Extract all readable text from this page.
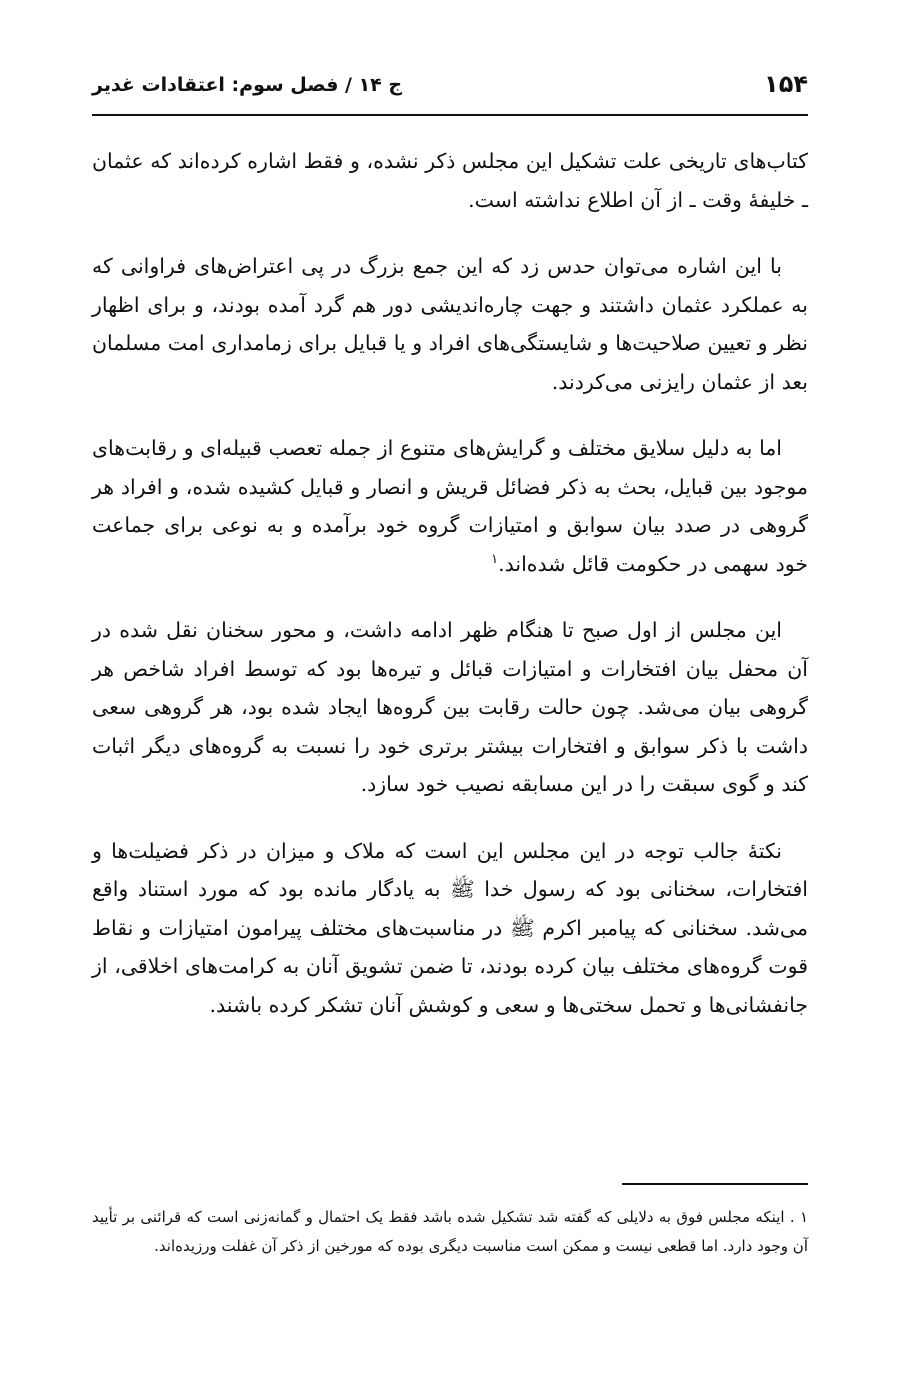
۱۵۴
ج ۱۴ / فصل سوم: اعتقادات غدیر

کتاب‌های تاریخی علت تشکیل این مجلس ذکر نشده، و فقط اشاره کرده‌اند که عثمان ـ خلیفهٔ وقت ـ از آن اطلاع نداشته است.

با این اشاره می‌توان حدس زد که این جمع بزرگ در پی اعتراض‌های فراوانی که به عملکرد عثمان داشتند و جهت چاره‌اندیشی دور هم گرد آمده بودند، و برای اظهار نظر و تعیین صلاحیت‌ها و شایستگی‌های افراد و یا قبایل برای زمامداری امت مسلمان بعد از عثمان رایزنی می‌کردند.

اما به دلیل سلایق مختلف و گرایش‌های متنوع از جمله تعصب قبیله‌ای و رقابت‌های موجود بین قبایل، بحث به ذکر فضائل قریش و انصار و قبایل کشیده شده، و افراد هر گروهی در صدد بیان سوابق و امتیازات گروه خود برآمده و به نوعی برای جماعت خود سهمی در حکومت قائل شده‌اند.$^۱$

این مجلس از اول صبح تا هنگام ظهر ادامه داشت، و محور سخنان نقل شده در آن محفل بیان افتخارات و امتیازات قبائل و تیره‌ها بود که توسط افراد شاخص هر گروهی بیان می‌شد. چون حالت رقابت بین گروه‌ها ایجاد شده بود، هر گروهی سعی داشت با ذکر سوابق و افتخارات بیشتر برتری خود را نسبت به گروه‌های دیگر اثبات کند و گوی سبقت را در این مسابقه نصیب خود سازد.

نکتهٔ جالب توجه در این مجلس این است که ملاک و میزان در ذکر فضیلت‌ها و افتخارات، سخنانی بود که رسول خدا ﷺ به یادگار مانده بود که مورد استناد واقع می‌شد. سخنانی که پیامبر اکرم ﷺ در مناسبت‌های مختلف پیرامون امتیازات و نقاط قوت گروه‌های مختلف بیان کرده بودند، تا ضمن تشویق آنان به کرامت‌های اخلاقی، از جانفشانی‌ها و تحمل سختی‌ها و سعی و کوشش آنان تشکر کرده باشند.

۱ . اینکه مجلس فوق به دلایلی که گفته شد تشکیل شده باشد فقط یک احتمال و گمانه‌زنی است که قرائنی بر تأیید آن وجود دارد. اما قطعی نیست و ممکن است مناسبت دیگری بوده که مورخین از ذکر آن غفلت ورزیده‌اند.
